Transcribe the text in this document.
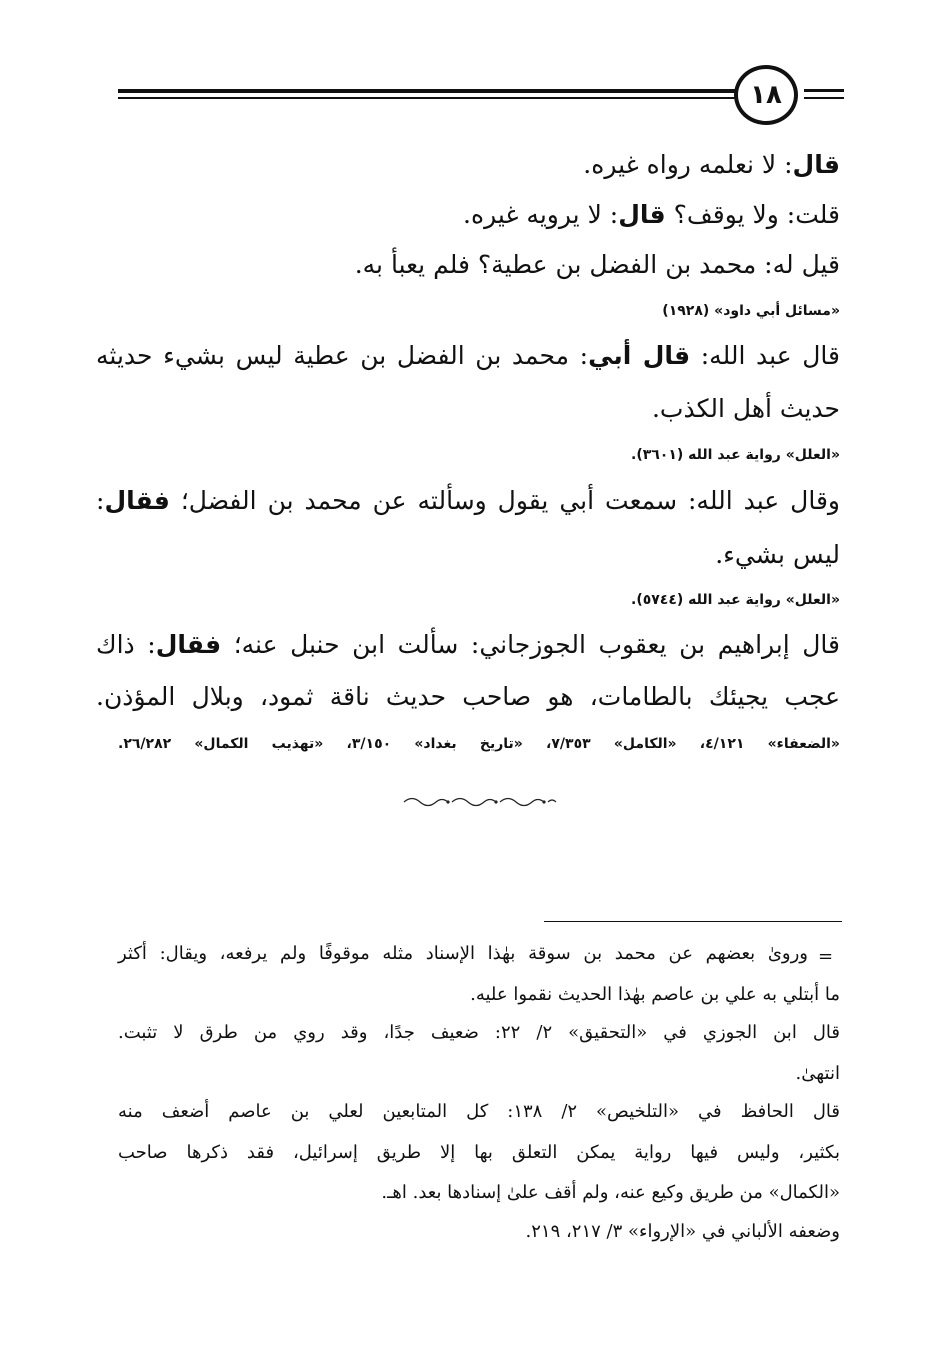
١٨
قال: لا نعلمه رواه غيره.
قلت: ولا يوقف؟ قال: لا يرويه غيره.
قيل له: محمد بن الفضل بن عطية؟ فلم يعبأ به.
«مسائل أبي داود» (١٩٢٨)
قال عبد الله: قال أبي: محمد بن الفضل بن عطية ليس بشيء حديثه
حديث أهل الكذب.
«العلل» رواية عبد الله (٣٦٠١).
وقال عبد الله: سمعت أبي يقول وسألته عن محمد بن الفضل؛ فقال:
ليس بشيء.
«العلل» رواية عبد الله (٥٧٤٤).
قال إبراهيم بن يعقوب الجوزجاني: سألت ابن حنبل عنه؛ فقال: ذاك
عجب يجيئك بالطامات، هو صاحب حديث ناقة ثمود، وبلال المؤذن.
«الضعفاء» ٤/١٢١، «الكامل» ٧/٣٥٣، «تاريخ بغداد» ٣/١٥٠، «تهذيب الكمال» ٢٦/٢٨٢.
=
وروىٰ بعضهم عن محمد بن سوقة بهٰذا الإسناد مثله موقوفًا ولم يرفعه، ويقال: أكثر
ما أبتلي به علي بن عاصم بهٰذا الحديث نقموا عليه.
قال ابن الجوزي في «التحقيق» ٢/ ٢٢: ضعيف جدًا، وقد روي من طرق لا تثبت.
انتهىٰ.
قال الحافظ في «التلخيص» ٢/ ١٣٨: كل المتابعين لعلي بن عاصم أضعف منه
بكثير، وليس فيها رواية يمكن التعلق بها إلا طريق إسرائيل، فقد ذكرها صاحب
«الكمال» من طريق وكيع عنه، ولم أقف علىٰ إسنادها بعد. اهـ.
وضعفه الألباني في «الإرواء» ٣/ ٢١٧، ٢١٩.
